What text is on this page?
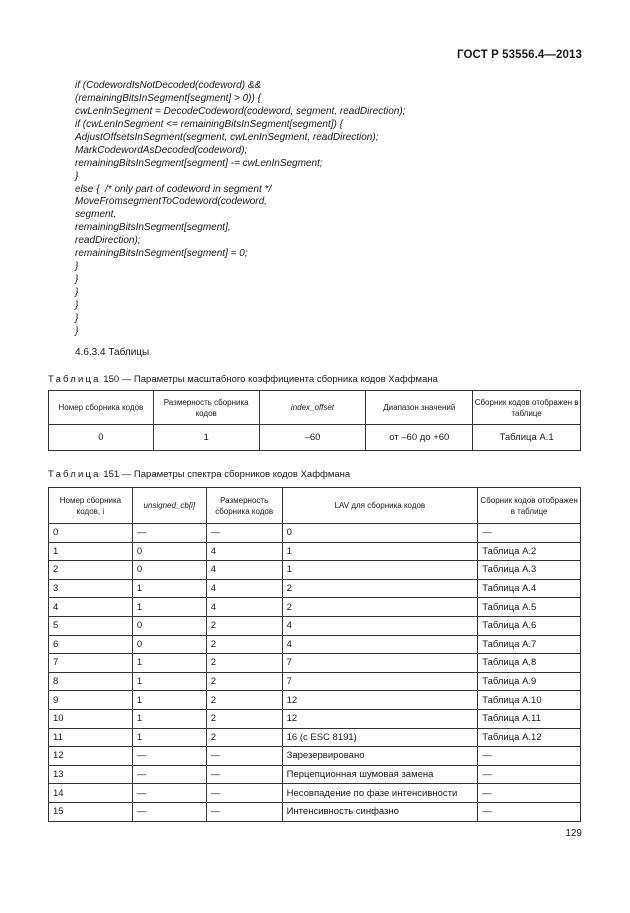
ГОСТ Р 53556.4—2013
if (CodewordIsNotDecoded(codeword) &&
(remainingBitsInSegment[segment] > 0)) {
cwLenInSegment = DecodeCodeword(codeword, segment, readDirection);
if (cwLenInSegment <= remainingBitsInSegment[segment]) {
AdjustOffsetsInSegment(segment, cwLenInSegment, readDirection);
MarkCodewordAsDecoded(codeword);
remainingBitsInSegment[segment] -= cwLenInSegment;
}
else {  /* only part of codeword in segment */
MoveFromsegmentToCodeword(codeword,
segment,
remainingBitsInSegment[segment],
readDirection);
remainingBitsInSegment[segment] = 0;
}
}
}
}
}
}
4.6.3.4 Таблицы
Таблица 150 — Параметры масштабного коэффициента сборника кодов Хаффмана
Номер сборника кодов	Размерность сборника кодов	index_offset	Диапазон значений	Сборник кодов отображен в таблице
0	1	–60	от –60 до +60	Таблица А.1
Таблица 151 — Параметры спектра сборников кодов Хаффмана
Номер сборника кодов, i	unsigned_cb[i]	Размерность сборника кодов	LAV для сборника кодов	Сборник кодов отображен в таблице
0	—	—	0	—
1	0	4	1	Таблица А.2
2	0	4	1	Таблица А.3
3	1	4	2	Таблица А.4
4	1	4	2	Таблица А.5
5	0	2	4	Таблица А.6
6	0	2	4	Таблица А.7
7	1	2	7	Таблица А.8
8	1	2	7	Таблица А.9
9	1	2	12	Таблица А.10
10	1	2	12	Таблица А.11
11	1	2	16 (с ESC 8191)	Таблица А.12
12	—	—	Зарезервировано	—
13	—	—	Перцепционная шумовая замена	—
14	—	—	Несовпадение по фазе интенсивности	—
15	—	—	Интенсивность синфазно	—
129
